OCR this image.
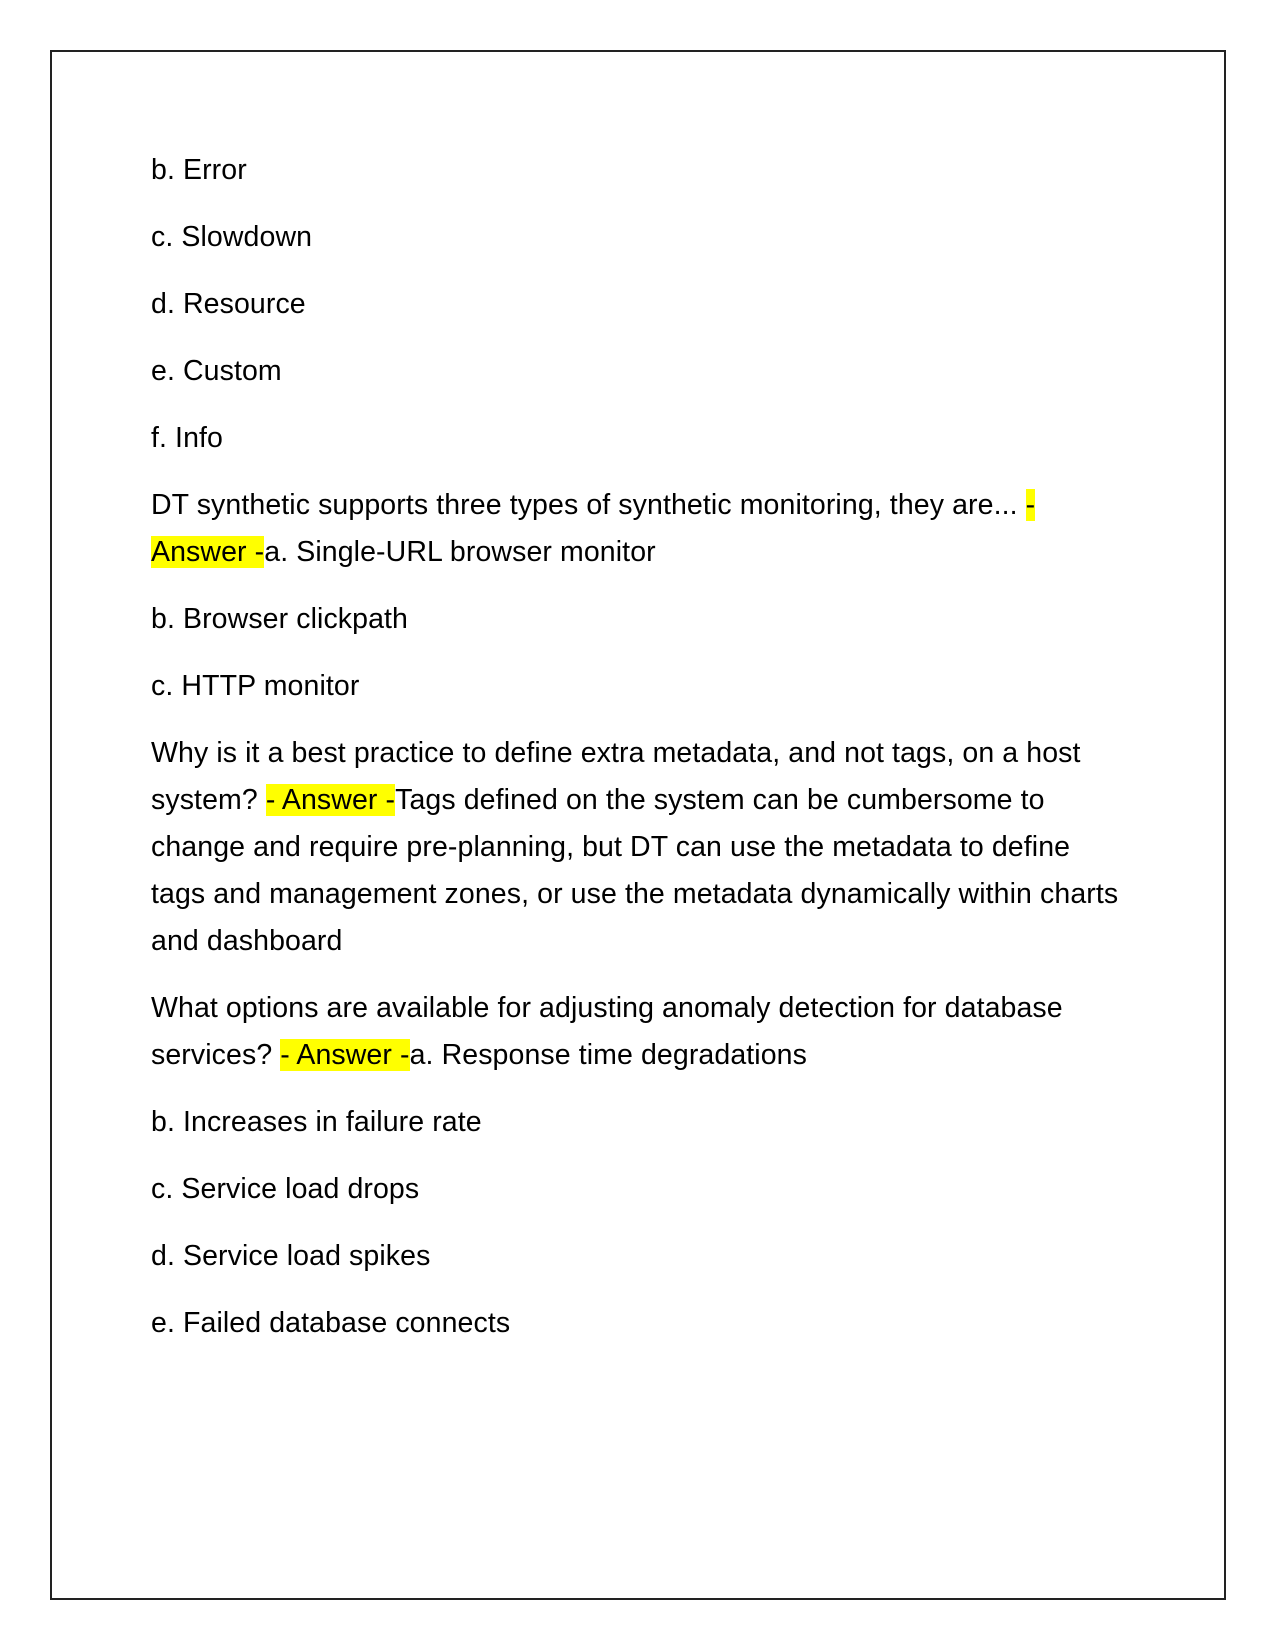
b. Error

c. Slowdown

d. Resource

e. Custom

f. Info

DT synthetic supports three types of synthetic monitoring, they are... - Answer -a. Single-URL browser monitor

b. Browser clickpath

c. HTTP monitor

Why is it a best practice to define extra metadata, and not tags, on a host system? - Answer -Tags defined on the system can be cumbersome to change and require pre-planning, but DT can use the metadata to define tags and management zones, or use the metadata dynamically within charts and dashboard

What options are available for adjusting anomaly detection for database services? - Answer -a. Response time degradations

b. Increases in failure rate

c. Service load drops

d. Service load spikes

e. Failed database connects
